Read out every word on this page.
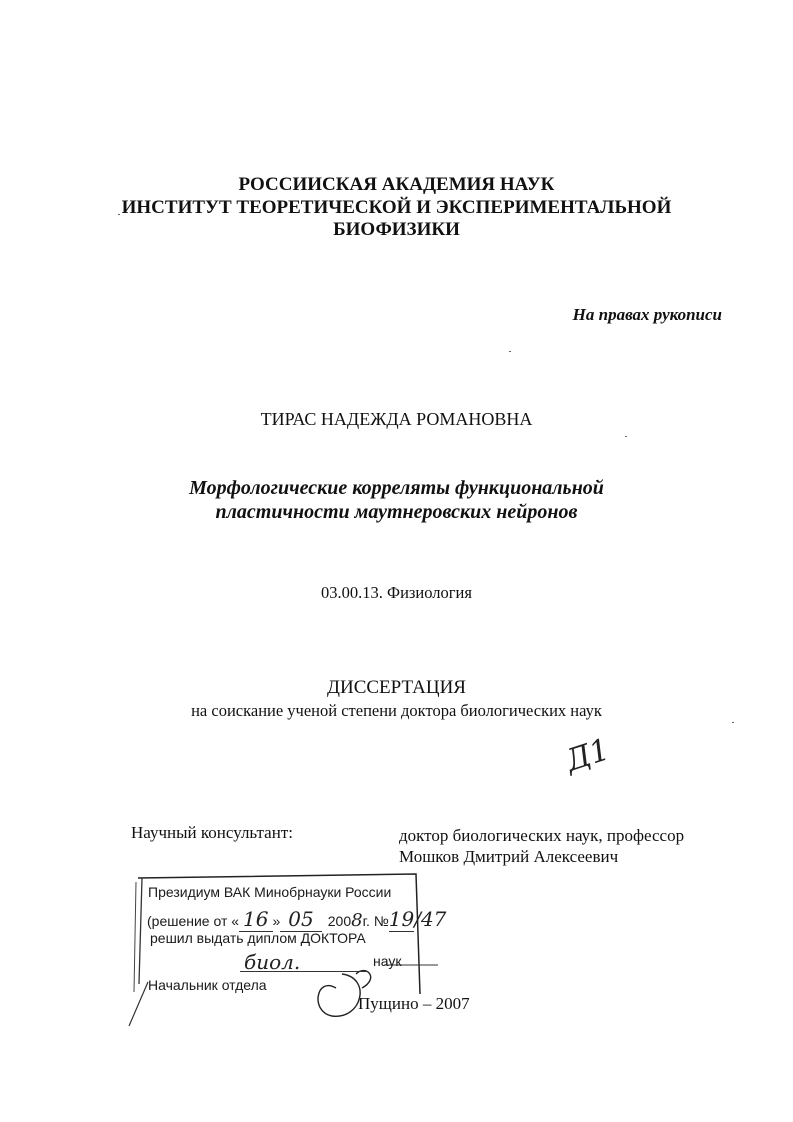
РОССИИСКАЯ АКАДЕМИЯ НАУК
ИНСТИТУТ ТЕОРЕТИЧЕСКОЙ И ЭКСПЕРИМЕНТАЛЬНОЙ
БИОФИЗИКИ
На правах рукописи
ТИРАС НАДЕЖДА РОМАНОВНА
Морфологические корреляты функциональной
пластичности маутнеровских нейронов
03.00.13. Физиология
ДИССЕРТАЦИЯ
на соискание ученой степени доктора биологических наук
Д1
Научный консультант:	доктор биологических наук, профессор
Мошков Дмитрий Алексеевич
Пущино – 2007
Президиум ВАК Минобрнауки России
(решение от « 16 » 05 2008г. №19/47
решил выдать диплом ДОКТОРА
биол.	наук
Начальник отдела
